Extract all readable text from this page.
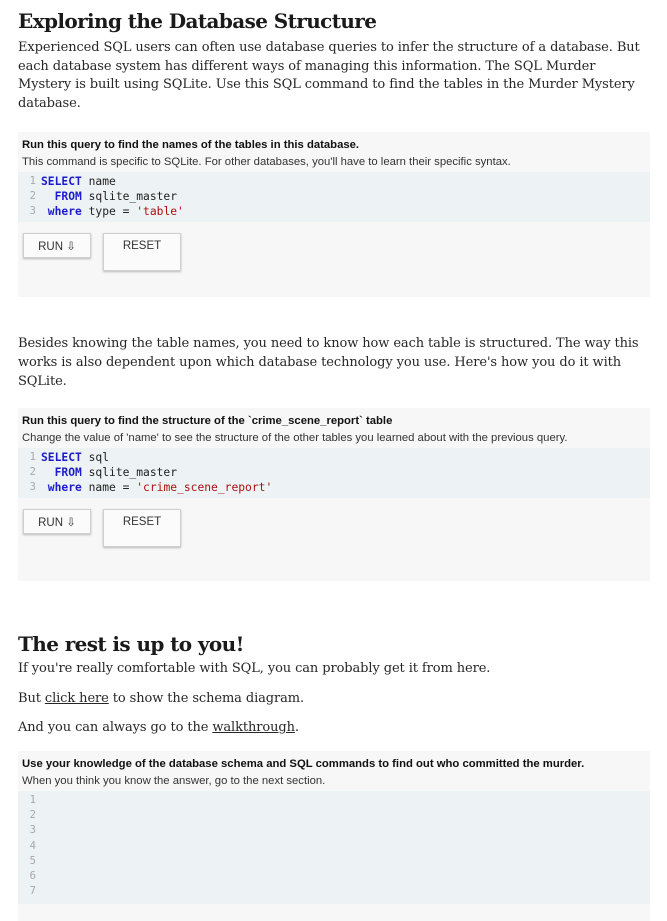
Exploring the Database Structure

Experienced SQL users can often use database queries to infer the structure of a database. But each database system has different ways of managing this information. The SQL Murder Mystery is built using SQLite. Use this SQL command to find the tables in the Murder Mystery database.

Run this query to find the names of the tables in this database.
This command is specific to SQLite. For other databases, you'll have to learn their specific syntax.
1 SELECT name
2 FROM sqlite_master
3 where type = 'table'
RUN ⇩	RESET

Besides knowing the table names, you need to know how each table is structured. The way this works is also dependent upon which database technology you use. Here's how you do it with SQLite.

Run this query to find the structure of the `crime_scene_report` table
Change the value of 'name' to see the structure of the other tables you learned about with the previous query.
1 SELECT sql
2 FROM sqlite_master
3 where name = 'crime_scene_report'
RUN ⇩	RESET
The rest is up to you!

If you're really comfortable with SQL, you can probably get it from here.

But click here to show the schema diagram.

And you can always go to the walkthrough.

Use your knowledge of the database schema and SQL commands to find out who committed the murder.
When you think you know the answer, go to the next section.
1
2
3
4
5
6
7
